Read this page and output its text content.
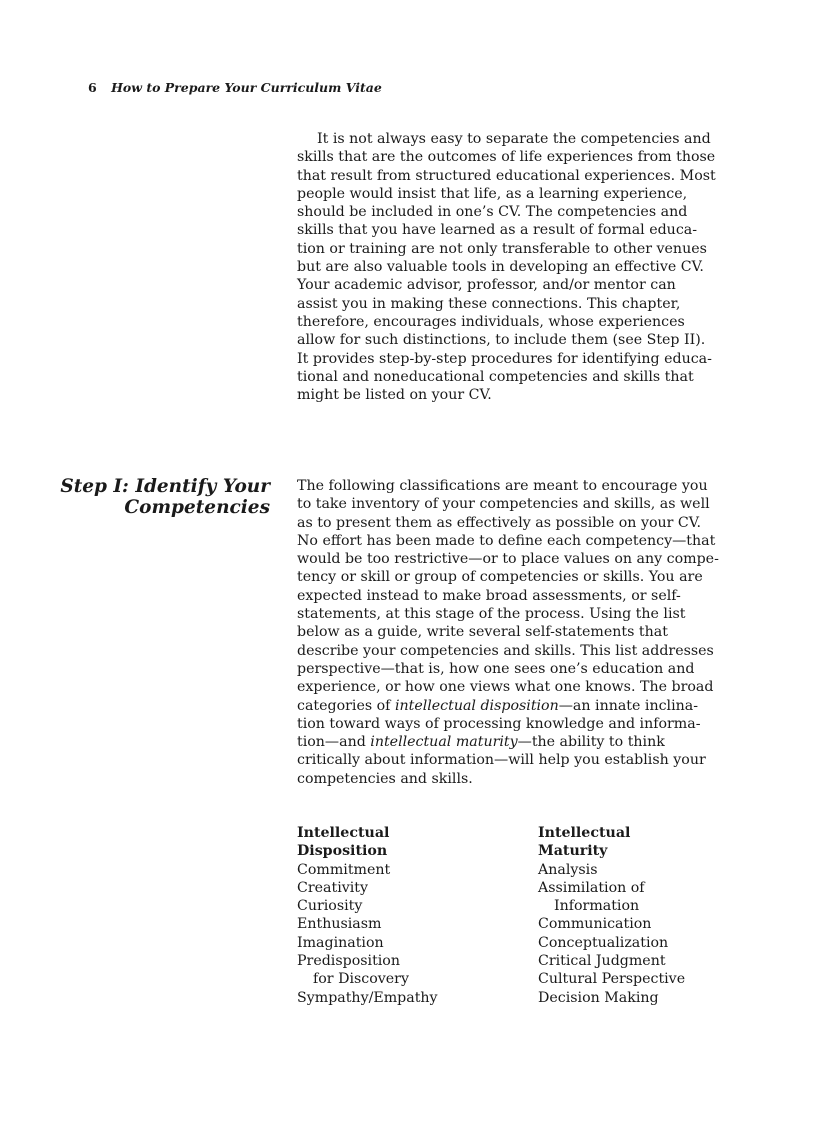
6 How to Prepare Your Curriculum Vitae
It is not always easy to separate the competencies and
skills that are the outcomes of life experiences from those
that result from structured educational experiences. Most
people would insist that life, as a learning experience,
should be included in one’s CV. The competencies and
skills that you have learned as a result of formal educa-
tion or training are not only transferable to other venues
but are also valuable tools in developing an effective CV.
Your academic advisor, professor, and/or mentor can
assist you in making these connections. This chapter,
therefore, encourages individuals, whose experiences
allow for such distinctions, to include them (see Step II).
It provides step-by-step procedures for identifying educa-
tional and noneducational competencies and skills that
might be listed on your CV.
Step I: Identify Your
Competencies
The following classifications are meant to encourage you
to take inventory of your competencies and skills, as well
as to present them as effectively as possible on your CV.
No effort has been made to define each competency—that
would be too restrictive—or to place values on any compe-
tency or skill or group of competencies or skills. You are
expected instead to make broad assessments, or self-
statements, at this stage of the process. Using the list
below as a guide, write several self-statements that
describe your competencies and skills. This list addresses
perspective—that is, how one sees one’s education and
experience, or how one views what one knows. The broad
categories of intellectual disposition—an innate inclina-
tion toward ways of processing knowledge and informa-
tion—and intellectual maturity—the ability to think
critically about information—will help you establish your
competencies and skills.
Intellectual
Disposition
Commitment
Creativity
Curiosity
Enthusiasm
Imagination
Predisposition
for Discovery
Sympathy/Empathy
Intellectual
Maturity
Analysis
Assimilation of
Information
Communication
Conceptualization
Critical Judgment
Cultural Perspective
Decision Making
